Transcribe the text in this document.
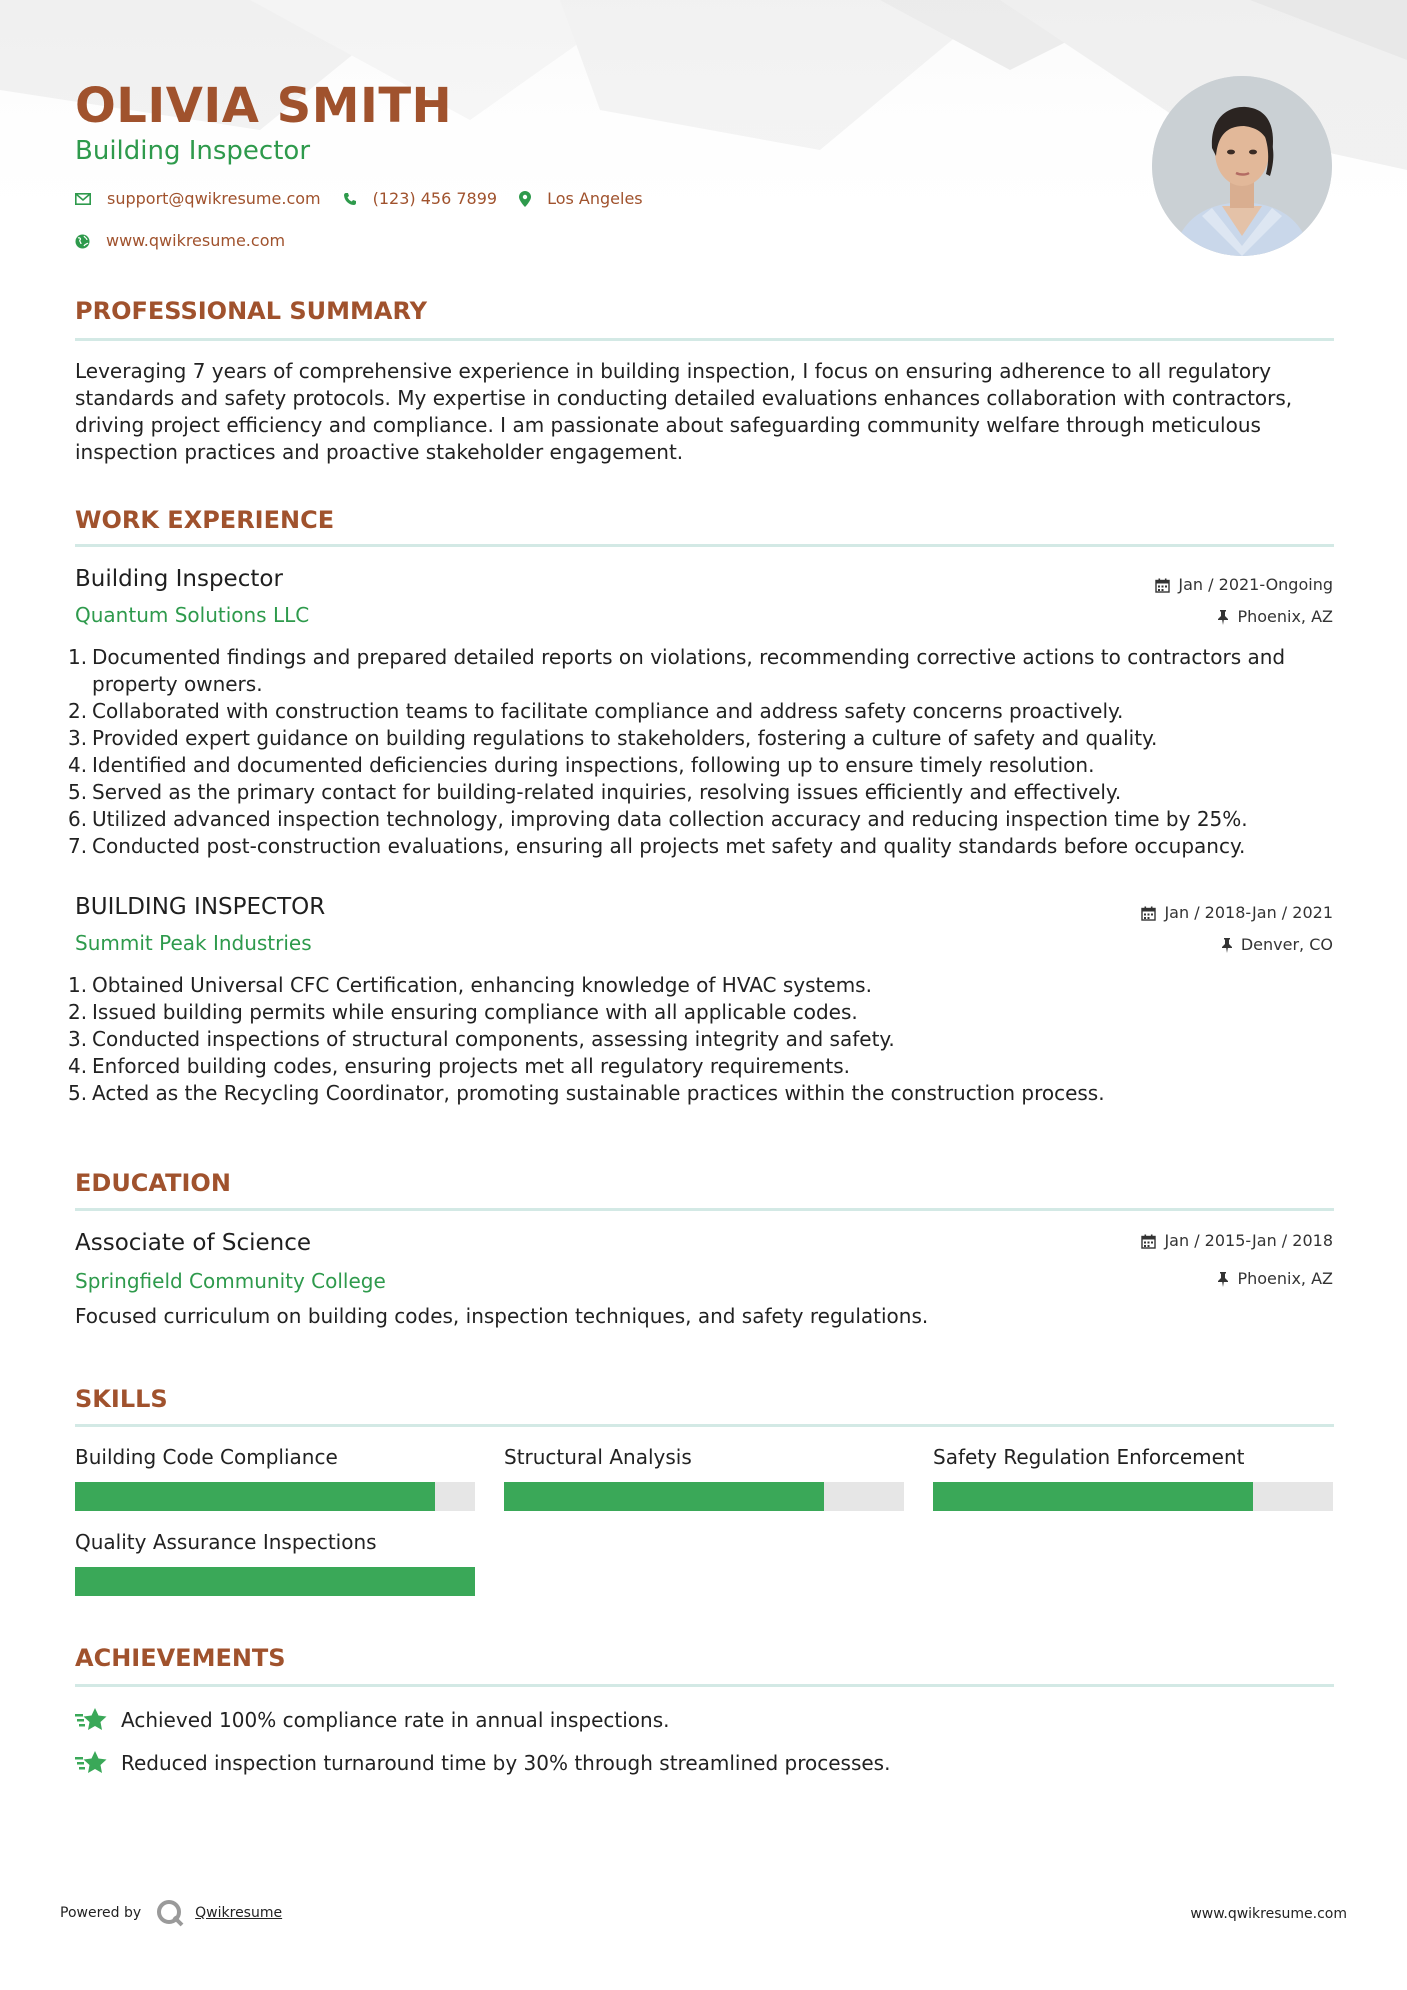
OLIVIA SMITH
Building Inspector
support@qwikresume.com	(123) 456 7899	Los Angeles
www.qwikresume.com
PROFESSIONAL SUMMARY
Leveraging 7 years of comprehensive experience in building inspection, I focus on ensuring adherence to all regulatory standards and safety protocols. My expertise in conducting detailed evaluations enhances collaboration with contractors, driving project efficiency and compliance. I am passionate about safeguarding community welfare through meticulous inspection practices and proactive stakeholder engagement.
WORK EXPERIENCE
Building Inspector	Jan / 2021-Ongoing
Quantum Solutions LLC	Phoenix, AZ
1.
Documented findings and prepared detailed reports on violations, recommending corrective actions to contractors and property owners.
2.
Collaborated with construction teams to facilitate compliance and address safety concerns proactively.
3.
Provided expert guidance on building regulations to stakeholders, fostering a culture of safety and quality.
4.
Identified and documented deficiencies during inspections, following up to ensure timely resolution.
5.
Served as the primary contact for building-related inquiries, resolving issues efficiently and effectively.
6.
Utilized advanced inspection technology, improving data collection accuracy and reducing inspection time by 25%.
7.
Conducted post-construction evaluations, ensuring all projects met safety and quality standards before occupancy.
BUILDING INSPECTOR	Jan / 2018-Jan / 2021
Summit Peak Industries	Denver, CO
1.
Obtained Universal CFC Certification, enhancing knowledge of HVAC systems.
2.
Issued building permits while ensuring compliance with all applicable codes.
3.
Conducted inspections of structural components, assessing integrity and safety.
4.
Enforced building codes, ensuring projects met all regulatory requirements.
5.
Acted as the Recycling Coordinator, promoting sustainable practices within the construction process.
EDUCATION
Associate of Science	Jan / 2015-Jan / 2018
Springfield Community College	Phoenix, AZ
Focused curriculum on building codes, inspection techniques, and safety regulations.
SKILLS
Building Code Compliance	Structural Analysis	Safety Regulation Enforcement
Quality Assurance Inspections
ACHIEVEMENTS
Achieved 100% compliance rate in annual inspections.
Reduced inspection turnaround time by 30% through streamlined processes.
Powered by	Qwikresume	www.qwikresume.com
